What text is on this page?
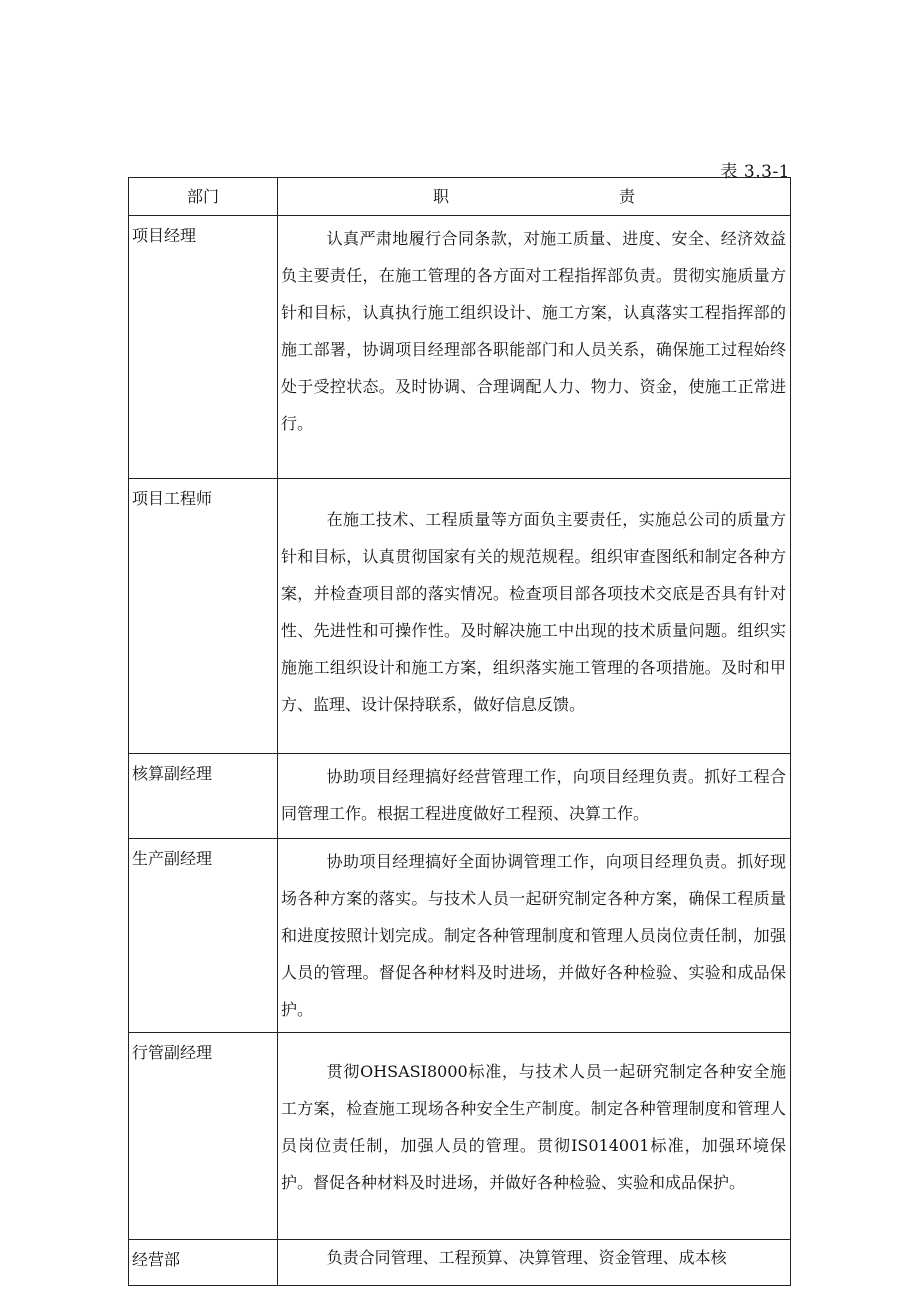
表 3.3-1
部门	职 责
项目经理	认真严肃地履行合同条款，对施工质量、进度、安全、经济效益负主要责任，在施工管理的各方面对工程指挥部负责。贯彻实施质量方针和目标，认真执行施工组织设计、施工方案，认真落实工程指挥部的施工部署，协调项目经理部各职能部门和人员关系，确保施工过程始终处于受控状态。及时协调、合理调配人力、物力、资金，使施工正常进行。
项目工程师	在施工技术、工程质量等方面负主要责任，实施总公司的质量方针和目标，认真贯彻国家有关的规范规程。组织审查图纸和制定各种方案，并检查项目部的落实情况。检查项目部各项技术交底是否具有针对性、先进性和可操作性。及时解决施工中出现的技术质量问题。组织实施施工组织设计和施工方案，组织落实施工管理的各项措施。及时和甲方、监理、设计保持联系，做好信息反馈。
核算副经理	协助项目经理搞好经营管理工作，向项目经理负责。抓好工程合同管理工作。根据工程进度做好工程预、决算工作。
生产副经理	协助项目经理搞好全面协调管理工作，向项目经理负责。抓好现场各种方案的落实。与技术人员一起研究制定各种方案，确保工程质量和进度按照计划完成。制定各种管理制度和管理人员岗位责任制，加强人员的管理。督促各种材料及时进场，并做好各种检验、实验和成品保护。
行管副经理	贯彻OHSASI8000标准，与技术人员一起研究制定各种安全施工方案，检查施工现场各种安全生产制度。制定各种管理制度和管理人员岗位责任制，加强人员的管理。贯彻IS014001标准，加强环境保护。督促各种材料及时进场，并做好各种检验、实验和成品保护。
经营部	负责合同管理、工程预算、决算管理、资金管理、成本核
